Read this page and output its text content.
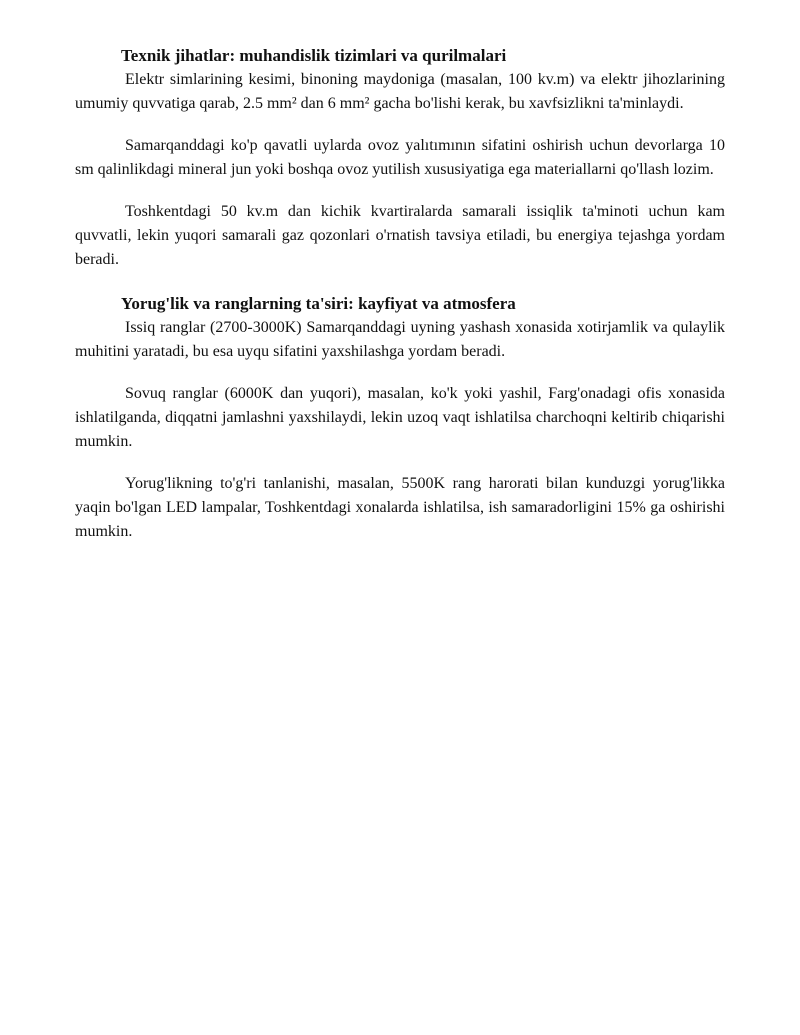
Texnik jihatlar: muhandislik tizimlari va qurilmalari

Elektr simlarining kesimi, binoning maydoniga (masalan, 100 kv.m) va elektr jihozlarining umumiy quvvatiga qarab, 2.5 mm² dan 6 mm² gacha bo'lishi kerak, bu xavfsizlikni ta'minlaydi.

Samarqanddagi ko'p qavatli uylarda ovoz yalıtımının sifatini oshirish uchun devorlarga 10 sm qalinlikdagi mineral jun yoki boshqa ovoz yutilish xususiyatiga ega materiallarni qo'llash lozim.

Toshkentdagi 50 kv.m dan kichik kvartiralarda samarali issiqlik ta'minoti uchun kam quvvatli, lekin yuqori samarali gaz qozonlari o'rnatish tavsiya etiladi, bu energiya tejashga yordam beradi.

Yorug'lik va ranglarning ta'siri: kayfiyat va atmosfera

Issiq ranglar (2700-3000K) Samarqanddagi uyning yashash xonasida xotirjamlik va qulaylik muhitini yaratadi, bu esa uyqu sifatini yaxshilashga yordam beradi.

Sovuq ranglar (6000K dan yuqori), masalan, ko'k yoki yashil, Farg'onadagi ofis xonasida ishlatilganda, diqqatni jamlashni yaxshilaydi, lekin uzoq vaqt ishlatilsa charchoqni keltirib chiqarishi mumkin.

Yorug'likning to'g'ri tanlanishi, masalan, 5500K rang harorati bilan kunduzgi yorug'likka yaqin bo'lgan LED lampalar, Toshkentdagi xonalarda ishlatilsa, ish samaradorligini 15% ga oshirishi mumkin.
